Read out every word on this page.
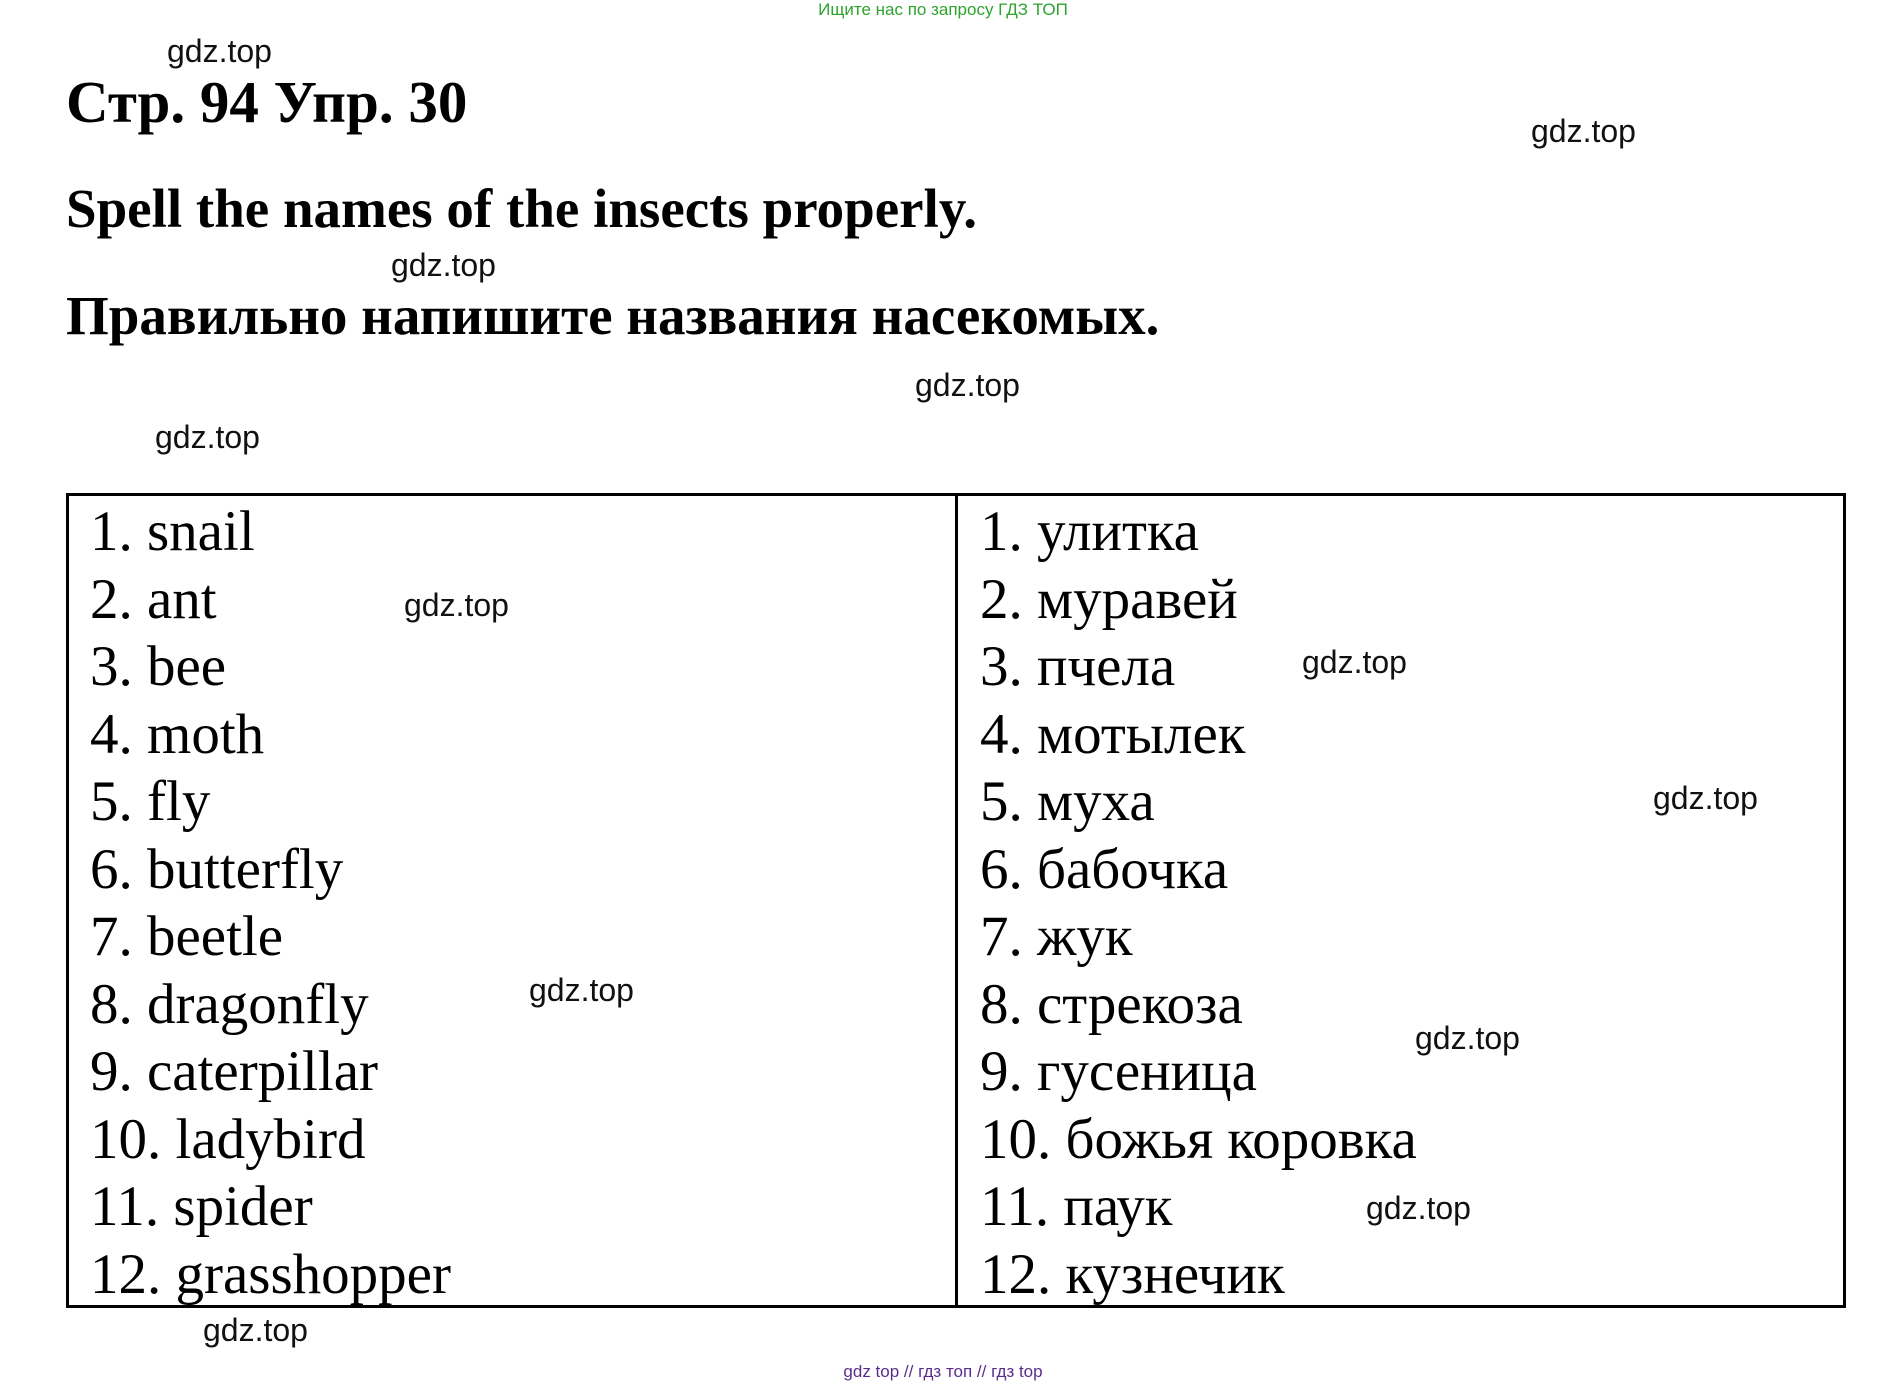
Ищите нас по запросу ГДЗ ТОП
Стр. 94 Упр. 30
Spell the names of the insects properly.
Правильно напишите названия насекомых.
1. snail
2. ant
3. bee
4. moth
5. fly
6. butterfly
7. beetle
8. dragonfly
9. caterpillar
10. ladybird
11. spider
12. grasshopper
1. улитка
2. муравей
3. пчела
4. мотылек
5. муха
6. бабочка
7. жук
8. стрекоза
9. гусеница
10. божья коровка
11. паук
12. кузнечик
gdz.top
gdz.top
gdz.top
gdz.top
gdz.top
gdz.top
gdz.top
gdz.top
gdz.top
gdz.top
gdz.top
gdz.top
gdz top // гдз топ // гдз top
